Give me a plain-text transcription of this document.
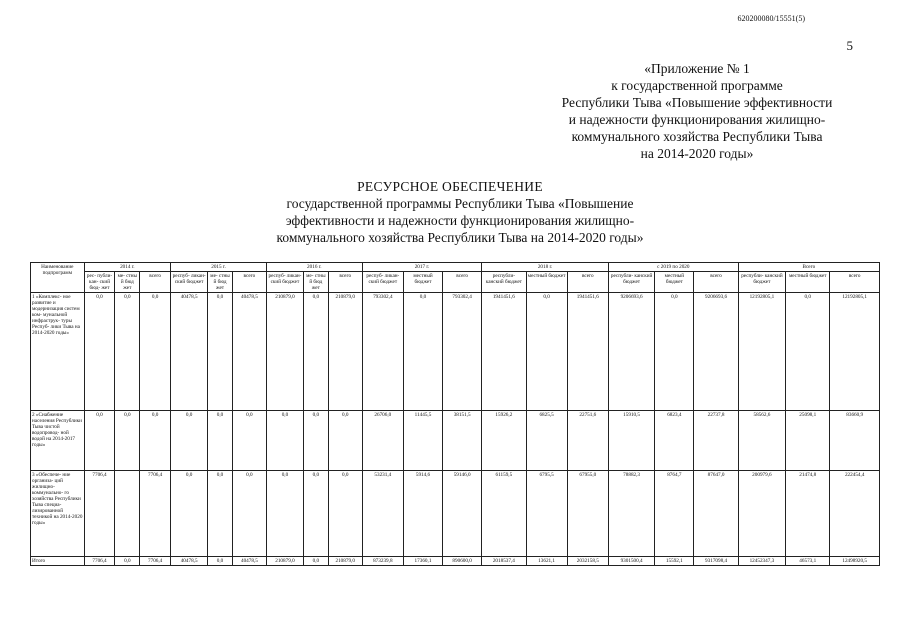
620200080/15551(5)
5
«Приложение № 1
к государственной программе
Республики Тыва «Повышение эффективности
и надежности функционирования жилищно-
коммунального хозяйства Республики Тыва
на 2014-2020 годы»
РЕСУРСНОЕ ОБЕСПЕЧЕНИЕ
государственной программы Республики Тыва «Повышение
эффективности и надежности функционирования жилищно-
коммунального хозяйства Республики Тыва на 2014-2020 годы»
Наименование подпрограмм	2014 г.			2015 г.			2016 г.			2017 г.			2018 г.			с 2019 по 2020			Всего		
	рес- публи- кан- ский бюд- жет	ме- стны й бюд жет	всего	респуб- ликан- ский бюджет	ме- стны й бюд жет	всего	респуб- ликан- ский бюджет	ме- стны й бюд жет	всего	респуб- ликан- ский бюджет	местный бюджет	всего	республи- канский бюджет	местный бюджет	всего	республи- канский бюджет	местный бюджет	всего	республи- канский бюджет	местный бюджет	всего
1 «Комплекс- ное развитие и модернизация систем ком- мунальной инфраструк- туры Респуб- лики Тыва на 2014-2020 годы»	0,0	0,0	0,0	40478,5	0,0	40478,5	210879,0	0,0	210879,0	793302,4	0,0	793302,4	1941451,6	0,0	1941451,6	9206693,6	0,0	9206693,6	12192805,1	0,0	12192805,1
2 «Снабжение населения Республики Тыва чистой водопровод- ной водой на 2014-2017 годы»	0,0	0,0	0,0	0,0	0,0	0,0	0,0	0,0	0,0	26706,0	11445,5	38151,5	15926,2	6825,5	22751,6	15910,5	6823,4	22737,8	58562,6	25098,1	83660,9
3 «Обеспече- ние организа- ций жилищно- коммунально- го хозяйства Республики Тыва специа- лизированной техникой на 2014-2020 годы»	7706,4		7706,4	0,0	0,0	0,0	0,0	0,0	0,0	53231,4	5914,6	59146,0	61159,5	6795,5	67955,0	78882,3	8764,7	87647,0	200979,6	21474,8	222454,4
Итого	7706,4	0,0	7706,4	40478,5	0,0	40478,5	210879,0	0,0	210879,0	873239,8	17360,1	890600,0	2018537,4	13621,1	2032158,5	9301500,4	15592,1	9317098,4	12452347,3	46573,1	12498920,5
